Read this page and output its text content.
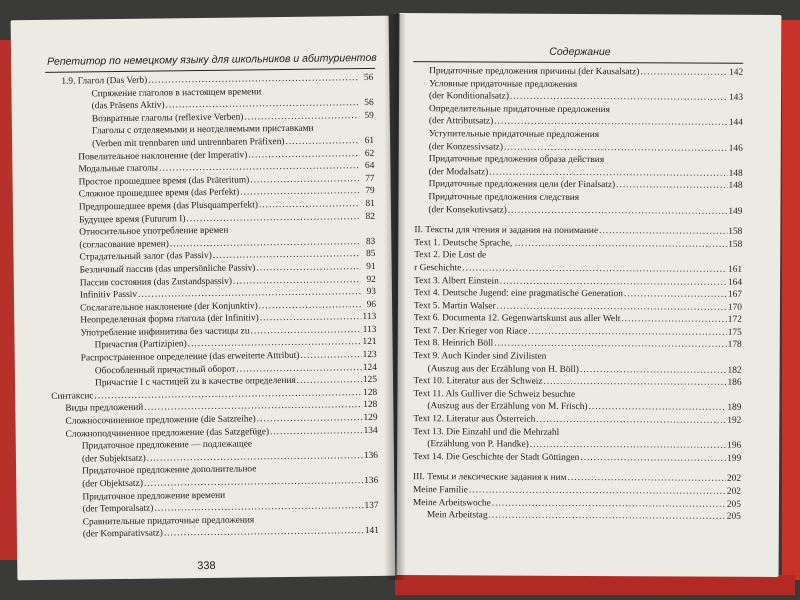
Репетитор по немецкому языку для школьников и абитуриентов
1.9. Глагол (Das Verb) .....	56
Спряжение глаголов в настоящем времени
(das Präsens Aktiv) .....	56
Возвратные глаголы (reflexive Verben) .....	59
Глаголы с отделяемыми и неотделяемыми приставками
(Verben mit trennbaren und untrennbaren Präfixen) .....	61
Повелительное наклонение (der Imperativ) .....	62
Модальные глаголы .....	64
Простое прошедшее время (das Präteritum) .....	77
Сложное прошедшее время (das Perfekt) .....	79
Предпрошедшее время (das Plusquamperfekt) .....	81
Будущее время (Futurum I) .....	82
Относительное употребление времен
(согласование времен) .....	83
Страдательный залог (das Passiv) .....	85
Безличный пассив (das unpersönliche Passiv) .....	91
Пассив состояния (das Zustandspassiv) .....	92
Infinitiv Passiv .....	93
Сослагательное наклонение (der Konjunktiv) .....	96
Неопределенная форма глагола (der Infinitiv) .....	113
Употребление инфинитива без частицы zu .....	113
Причастия (Partizipien) .....	121
Распространенное определение (das erweiterte Attribut) .....	123
Обособленный причастный оборот .....	124
Причастие I с частицей zu в качестве определения .....	125
Синтаксис .....	128
Виды предложений .....	128
Сложносочиненное предложение (die Satzreihe) .....	129
Сложноподчиненное предложение (das Satzgefüge) .....	134
Придаточное предложение — подлежащее
(der Subjektsatz) .....	136
Придаточное предложение дополнительное
(der Objektsatz) .....	136
Придаточное предложение времени
(der Temporalsatz) .....	137
Сравнительные придаточные предложения
(der Komparativsatz) .....	141
338
Содержание
Придаточные предложения причины (der Kausalsatz) .....	142
Условные придаточные предложения
(der Konditionalsatz) .....	143
Определительные придаточные предложения
(der Attributsatz) .....	144
Уступительные придаточные предложения
(der Konzessivsatz) .....	146
Придаточные предложения образа действия
(der Modalsatz) .....	148
Придаточные предложения цели (der Finalsatz) .....	148
Придаточные предложения следствия
(der Konsekutivsatz) .....	149
II. Тексты для чтения и задания на понимание .....	158
Text 1. Deutsche Sprache, … .....	158
Text 2. Die Lost de
r Geschichte .....	161
Text 3. Albert Einstein .....	164
Text 4. Deutsche Jugend: eine pragmatische Generation .....	167
Text 5. Martin Walser .....	170
Text 6. Documenta 12. Gegenwartskunst aus aller Welt .....	172
Text 7. Der Krieger von Riace .....	175
Text 8. Heinrich Böll .....	178
Text 9. Auch Kinder sind Zivilisten
(Auszug aus der Erzählung von H. Böll) .....	182
Text 10. Literatur aus der Schweiz .....	186
Text 11. Als Gulliver die Schweiz besuchte
(Auszug aus der Erzählung von M. Frisch) .....	189
Text 12. Literatur aus Österreich .....	192
Text 13. Die Einzahl und die Mehrzahl
(Erzählung von P. Handke) .....	196
Text 14. Die Geschichte der Stadt Göttingen .....	199
III. Темы и лексические задания к ним .....	202
Meine Familie .....	202
Meine Arbeitswoche .....	205
Mein Arbeitstag .....	205
